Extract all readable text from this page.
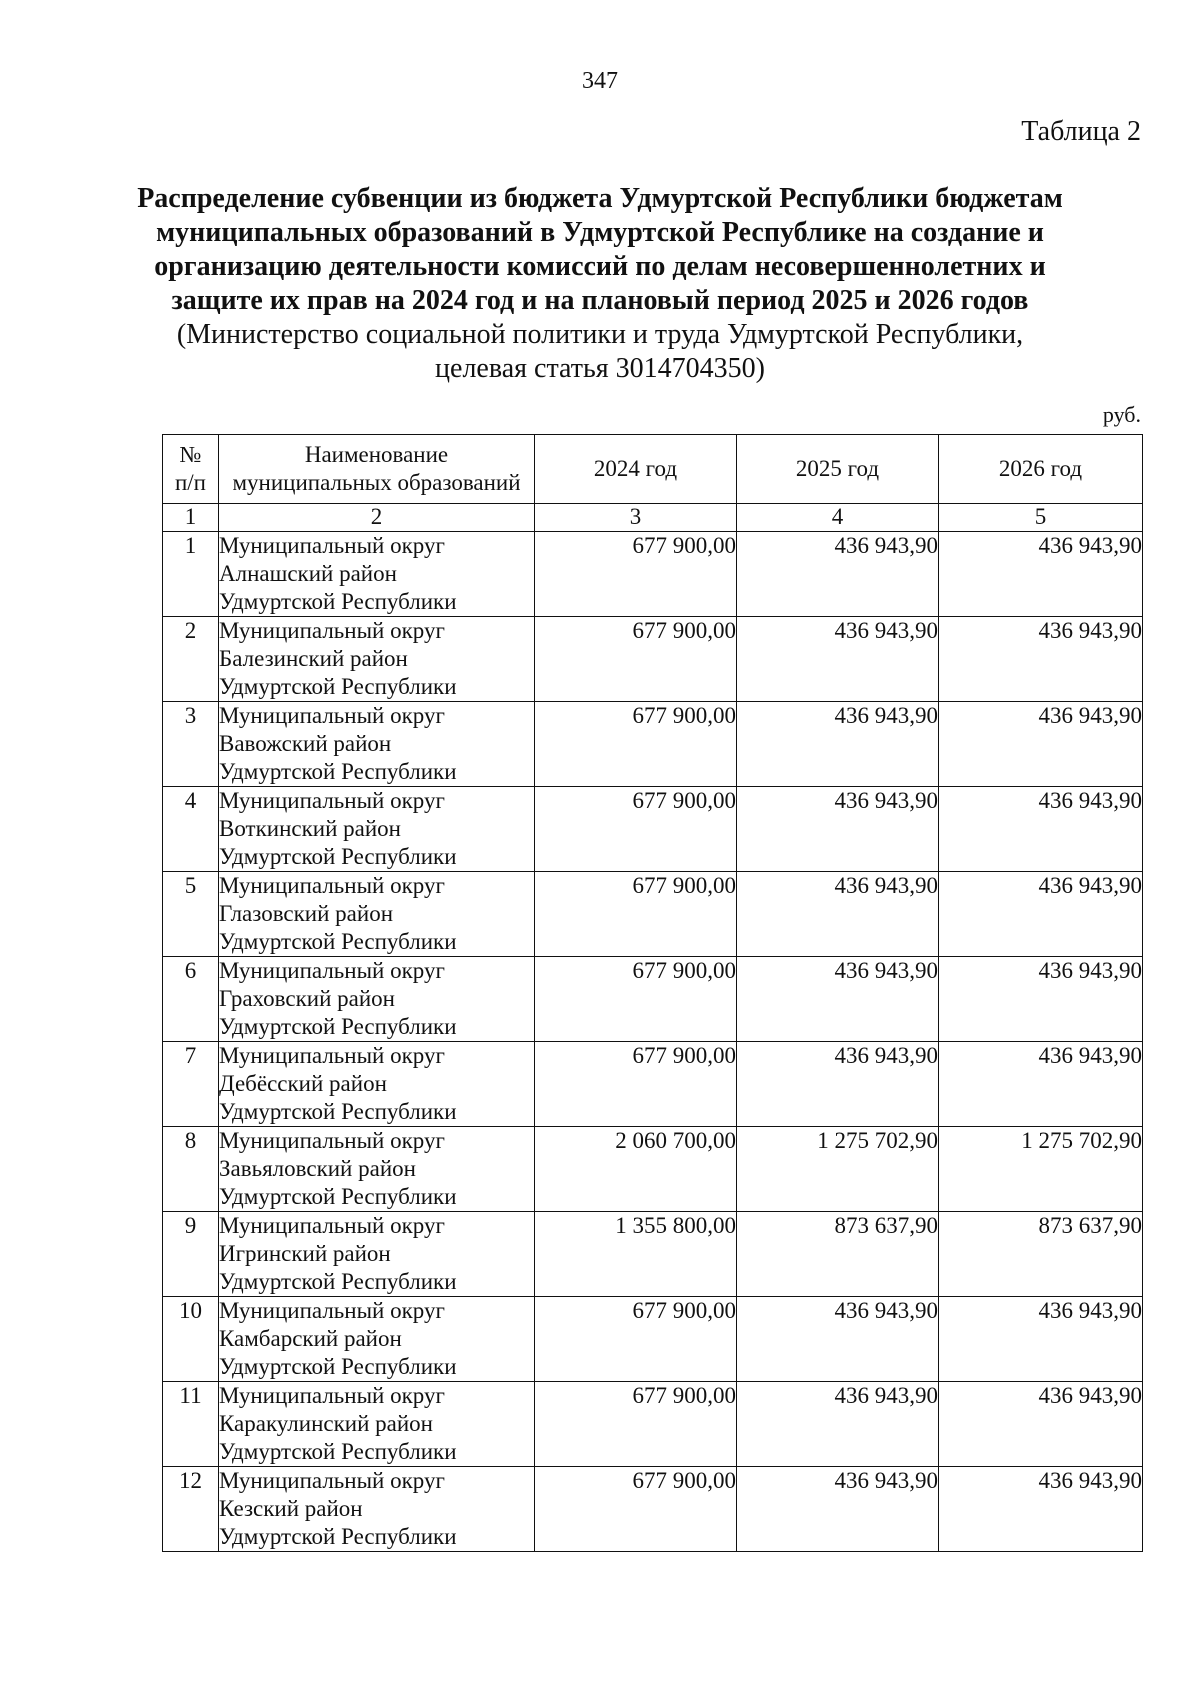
347
Таблица 2
Распределение субвенции из бюджета Удмуртской Республики бюджетам
муниципальных образований в Удмуртской Республике на создание и
организацию деятельности комиссий по делам несовершеннолетних и
защите их прав на 2024 год и на плановый период 2025 и 2026 годов
(Министерство социальной политики и труда Удмуртской Республики,
целевая статья 3014704350)
руб.
№
п/п	Наименование
муниципальных образований	2024 год	2025 год	2026 год
1	2	3	4	5
1	Муниципальный округ
Алнашский район
Удмуртской Республики	677 900,00	436 943,90	436 943,90
2	Муниципальный округ
Балезинский район
Удмуртской Республики	677 900,00	436 943,90	436 943,90
3	Муниципальный округ
Вавожский район
Удмуртской Республики	677 900,00	436 943,90	436 943,90
4	Муниципальный округ
Воткинский район
Удмуртской Республики	677 900,00	436 943,90	436 943,90
5	Муниципальный округ
Глазовский район
Удмуртской Республики	677 900,00	436 943,90	436 943,90
6	Муниципальный округ
Граховский район
Удмуртской Республики	677 900,00	436 943,90	436 943,90
7	Муниципальный округ
Дебёсский район
Удмуртской Республики	677 900,00	436 943,90	436 943,90
8	Муниципальный округ
Завьяловский район
Удмуртской Республики	2 060 700,00	1 275 702,90	1 275 702,90
9	Муниципальный округ
Игринский район
Удмуртской Республики	1 355 800,00	873 637,90	873 637,90
10	Муниципальный округ
Камбарский район
Удмуртской Республики	677 900,00	436 943,90	436 943,90
11	Муниципальный округ
Каракулинский район
Удмуртской Республики	677 900,00	436 943,90	436 943,90
12	Муниципальный округ
Кезский район
Удмуртской Республики	677 900,00	436 943,90	436 943,90
